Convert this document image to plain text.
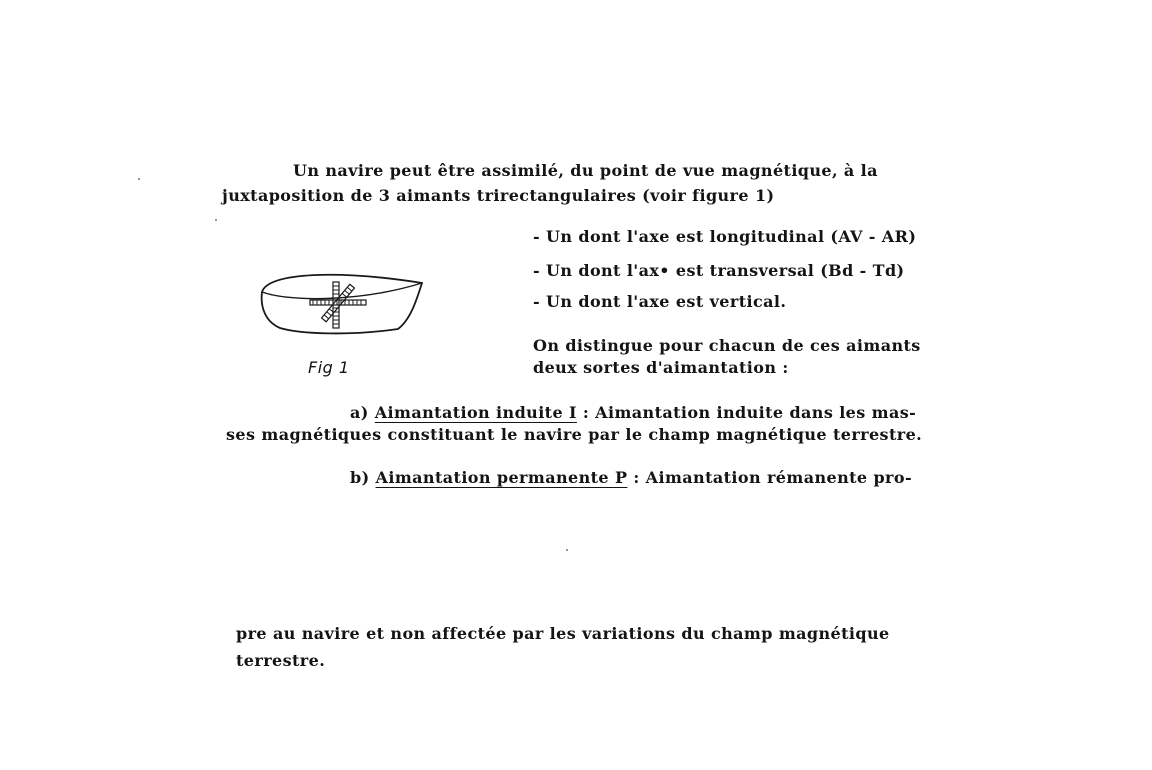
Un navire peut être assimilé, du point de vue magnétique, à la
juxtaposition de 3 aimants trirectangulaires (voir figure 1)
- Un dont l'axe est longitudinal (AV - AR)
- Un dont l'ax• est transversal (Bd - Td)
- Un dont l'axe est vertical.
Fig 1
On distingue pour chacun de ces aimants
deux sortes d'aimantation :
a) Aimantation induite I : Aimantation induite dans les mas-
ses magnétiques constituant le navire par le champ magnétique terrestre.
b) Aimantation permanente P : Aimantation rémanente pro-
pre au navire et non affectée par les variations du champ magnétique
terrestre.
